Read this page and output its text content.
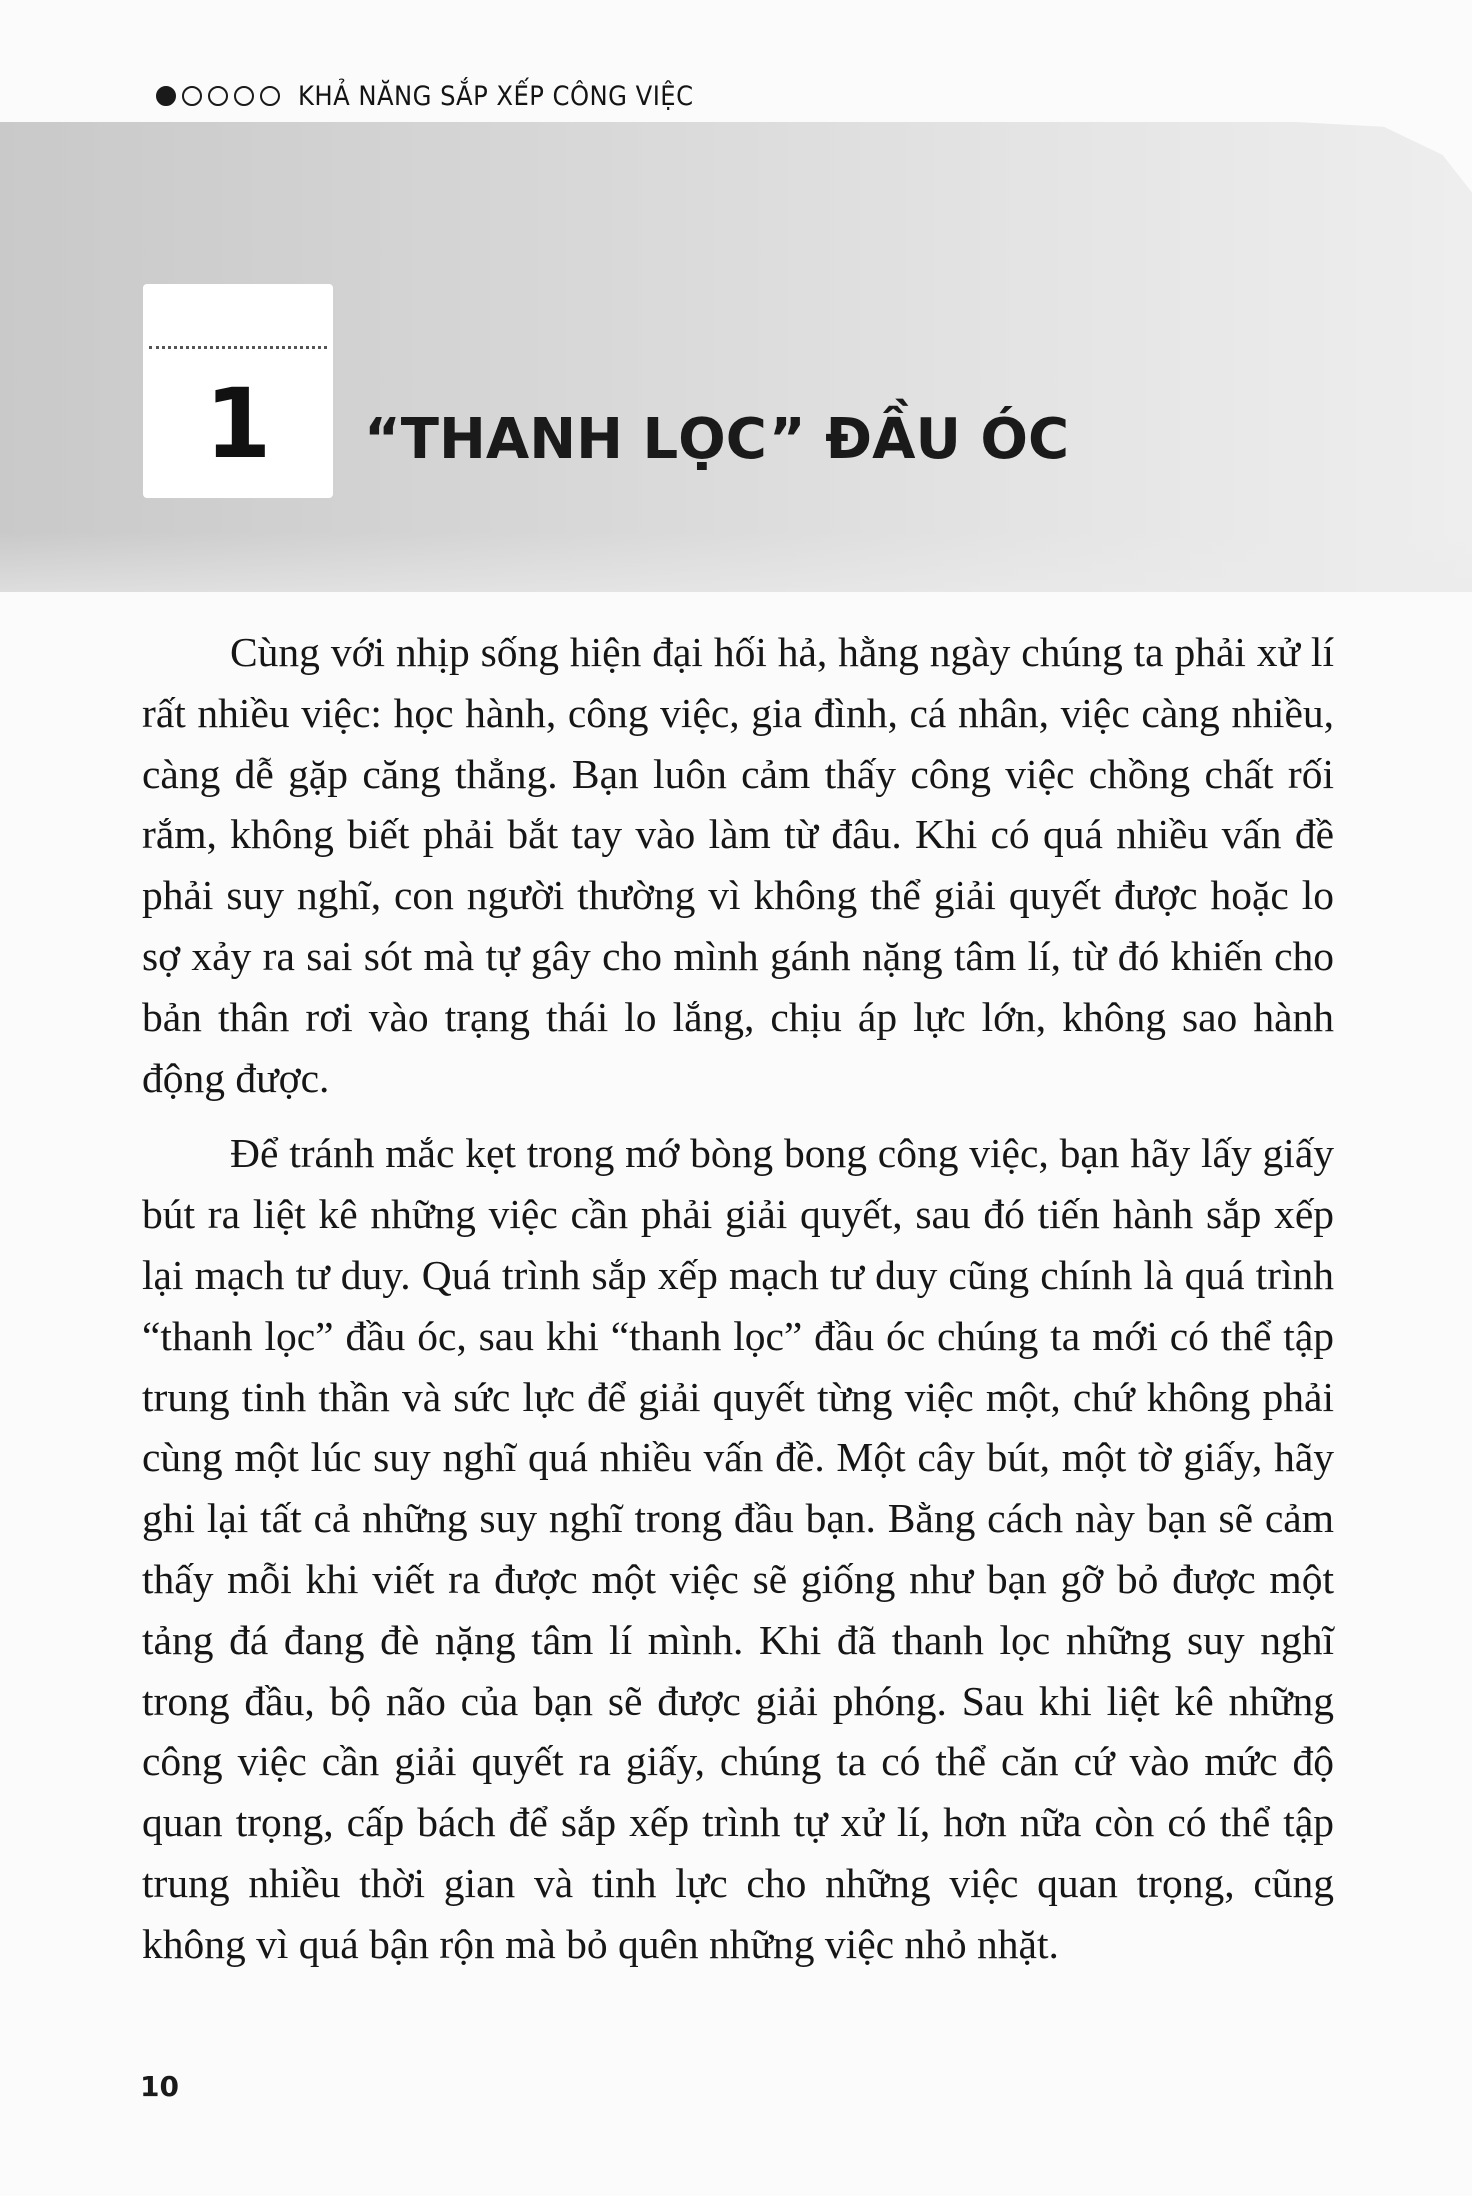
KHẢ NĂNG SẮP XẾP CÔNG VIỆC
1	“THANH LỌC” ĐẦU ÓC

Cùng với nhịp sống hiện đại hối hả, hằng ngày chúng ta phải xử lí rất nhiều việc: học hành, công việc, gia đình, cá nhân, việc càng nhiều, càng dễ gặp căng thẳng. Bạn luôn cảm thấy công việc chồng chất rối rắm, không biết phải bắt tay vào làm từ đâu. Khi có quá nhiều vấn đề phải suy nghĩ, con người thường vì không thể giải quyết được hoặc lo sợ xảy ra sai sót mà tự gây cho mình gánh nặng tâm lí, từ đó khiến cho bản thân rơi vào trạng thái lo lắng, chịu áp lực lớn, không sao hành động được.

Để tránh mắc kẹt trong mớ bòng bong công việc, bạn hãy lấy giấy bút ra liệt kê những việc cần phải giải quyết, sau đó tiến hành sắp xếp lại mạch tư duy. Quá trình sắp xếp mạch tư duy cũng chính là quá trình “thanh lọc” đầu óc, sau khi “thanh lọc” đầu óc chúng ta mới có thể tập trung tinh thần và sức lực để giải quyết từng việc một, chứ không phải cùng một lúc suy nghĩ quá nhiều vấn đề. Một cây bút, một tờ giấy, hãy ghi lại tất cả những suy nghĩ trong đầu bạn. Bằng cách này bạn sẽ cảm thấy mỗi khi viết ra được một việc sẽ giống như bạn gỡ bỏ được một tảng đá đang đè nặng tâm lí mình. Khi đã thanh lọc những suy nghĩ trong đầu, bộ não của bạn sẽ được giải phóng. Sau khi liệt kê những công việc cần giải quyết ra giấy, chúng ta có thể căn cứ vào mức độ quan trọng, cấp bách để sắp xếp trình tự xử lí, hơn nữa còn có thể tập trung nhiều thời gian và tinh lực cho những việc quan trọng, cũng không vì quá bận rộn mà bỏ quên những việc nhỏ nhặt.

10
